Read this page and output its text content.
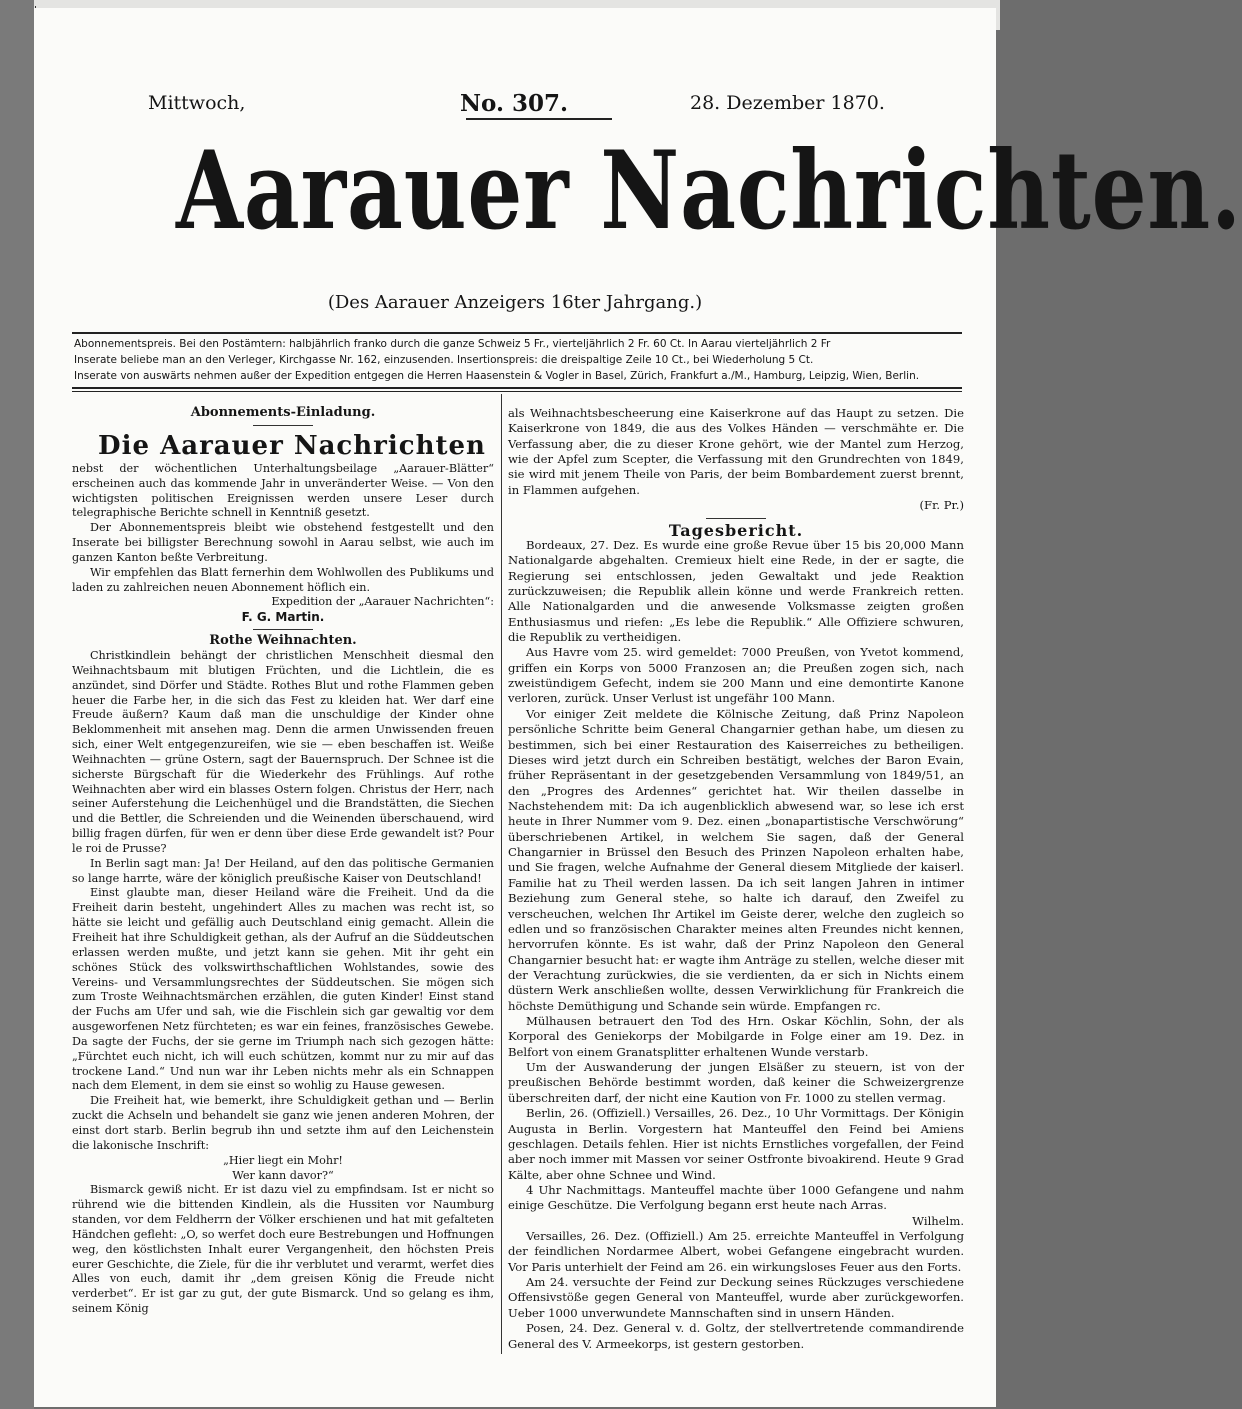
Mittwoch,	No. 307.	28. Dezember 1870.
Aarauer Nachrichten.
(Des Aarauer Anzeigers 16ter Jahrgang.)

Abonnementspreis. Bei den Postämtern: halbjährlich franko durch die ganze Schweiz 5 Fr., vierteljährlich 2 Fr. 60 Ct. In Aarau vierteljährlich 2 Fr

Inserate beliebe man an den Verleger, Kirchgasse Nr. 162, einzusenden. Insertionspreis: die dreispaltige Zeile 10 Ct., bei Wiederholung 5 Ct.

Inserate von auswärts nehmen außer der Expedition entgegen die Herren Haasenstein & Vogler in Basel, Zürich, Frankfurt a./M., Hamburg, Leipzig, Wien, Berlin.

Abonnements-Einladung.

Die Aarauer Nachrichten

nebst der wöchentlichen Unterhaltungsbeilage „Aarauer-Blätter“ erscheinen auch das kommende Jahr in unveränderter Weise. — Von den wichtigsten politischen Ereignissen werden unsere Leser durch telegraphische Berichte schnell in Kenntniß gesetzt.

Der Abonnementspreis bleibt wie obstehend festgestellt und den Inserate bei billigster Berechnung sowohl in Aarau selbst, wie auch im ganzen Kanton beßte Verbreitung.

Wir empfehlen das Blatt fernerhin dem Wohlwollen des Publikums und laden zu zahlreichen neuen Abonnement höflich ein.

Expedition der „Aarauer Nachrichten“:

F. G. Martin.

Rothe Weihnachten.

Christkindlein behängt der christlichen Menschheit diesmal den Weihnachtsbaum mit blutigen Früchten, und die Lichtlein, die es anzündet, sind Dörfer und Städte. Rothes Blut und rothe Flammen geben heuer die Farbe her, in die sich das Fest zu kleiden hat. Wer darf eine Freude äußern? Kaum daß man die unschuldige der Kinder ohne Beklommenheit mit ansehen mag. Denn die armen Unwissenden freuen sich, einer Welt entgegenzureifen, wie sie — eben beschaffen ist. Weiße Weihnachten — grüne Ostern, sagt der Bauernspruch. Der Schnee ist die sicherste Bürgschaft für die Wiederkehr des Frühlings. Auf rothe Weihnachten aber wird ein blasses Ostern folgen. Christus der Herr, nach seiner Auferstehung die Leichenhügel und die Brandstätten, die Siechen und die Bettler, die Schreienden und die Weinenden überschauend, wird billig fragen dürfen, für wen er denn über diese Erde gewandelt ist? Pour le roi de Prusse?

In Berlin sagt man: Ja! Der Heiland, auf den das politische Germanien so lange harrte, wäre der königlich preußische Kaiser von Deutschland!

Einst glaubte man, dieser Heiland wäre die Freiheit. Und da die Freiheit darin besteht, ungehindert Alles zu machen was recht ist, so hätte sie leicht und gefällig auch Deutschland einig gemacht. Allein die Freiheit hat ihre Schuldigkeit gethan, als der Aufruf an die Süddeutschen erlassen werden mußte, und jetzt kann sie gehen. Mit ihr geht ein schönes Stück des volkswirthschaftlichen Wohlstandes, sowie des Vereins- und Versammlungsrechtes der Süddeutschen. Sie mögen sich zum Troste Weihnachtsmärchen erzählen, die guten Kinder! Einst stand der Fuchs am Ufer und sah, wie die Fischlein sich gar gewaltig vor dem ausgeworfenen Netz fürchteten; es war ein feines, französisches Gewebe. Da sagte der Fuchs, der sie gerne im Triumph nach sich gezogen hätte: „Fürchtet euch nicht, ich will euch schützen, kommt nur zu mir auf das trockene Land.“ Und nun war ihr Leben nichts mehr als ein Schnappen nach dem Element, in dem sie einst so wohlig zu Hause gewesen.

Die Freiheit hat, wie bemerkt, ihre Schuldigkeit gethan und — Berlin zuckt die Achseln und behandelt sie ganz wie jenen anderen Mohren, der einst dort starb. Berlin begrub ihn und setzte ihm auf den Leichenstein die lakonische Inschrift:

„Hier liegt ein Mohr!

Wer kann davor?“

Bismarck gewiß nicht. Er ist dazu viel zu empfindsam. Ist er nicht so rührend wie die bittenden Kindlein, als die Hussiten vor Naumburg standen, vor dem Feldherrn der Völker erschienen und hat mit gefalteten Händchen gefleht: „O, so werfet doch eure Bestrebungen und Hoffnungen weg, den köstlichsten Inhalt eurer Vergangenheit, den höchsten Preis eurer Geschichte, die Ziele, für die ihr verblutet und verarmt, werfet dies Alles von euch, damit ihr „dem greisen König die Freude nicht verderbet“. Er ist gar zu gut, der gute Bismarck. Und so gelang es ihm, seinem König

als Weihnachtsbescheerung eine Kaiserkrone auf das Haupt zu setzen. Die Kaiserkrone von 1849, die aus des Volkes Händen — verschmähte er. Die Verfassung aber, die zu dieser Krone gehört, wie der Mantel zum Herzog, wie der Apfel zum Scepter, die Verfassung mit den Grundrechten von 1849, sie wird mit jenem Theile von Paris, der beim Bombardement zuerst brennt, in Flammen aufgehen.

(Fr. Pr.)

Tagesbericht.

Bordeaux, 27. Dez. Es wurde eine große Revue über 15 bis 20,000 Mann Nationalgarde abgehalten. Cremieux hielt eine Rede, in der er sagte, die Regierung sei entschlossen, jeden Gewaltakt und jede Reaktion zurückzuweisen; die Republik allein könne und werde Frankreich retten. Alle Nationalgarden und die anwesende Volksmasse zeigten großen Enthusiasmus und riefen: „Es lebe die Republik.“ Alle Offiziere schwuren, die Republik zu vertheidigen.

Aus Havre vom 25. wird gemeldet: 7000 Preußen, von Yvetot kommend, griffen ein Korps von 5000 Franzosen an; die Preußen zogen sich, nach zweistündigem Gefecht, indem sie 200 Mann und eine demontirte Kanone verloren, zurück. Unser Verlust ist ungefähr 100 Mann.

Vor einiger Zeit meldete die Kölnische Zeitung, daß Prinz Napoleon persönliche Schritte beim General Changarnier gethan habe, um diesen zu bestimmen, sich bei einer Restauration des Kaiserreiches zu betheiligen. Dieses wird jetzt durch ein Schreiben bestätigt, welches der Baron Evain, früher Repräsentant in der gesetzgebenden Versammlung von 1849/51, an den „Progres des Ardennes“ gerichtet hat. Wir theilen dasselbe in Nachstehendem mit: Da ich augenblicklich abwesend war, so lese ich erst heute in Ihrer Nummer vom 9. Dez. einen „bonapartistische Verschwörung“ überschriebenen Artikel, in welchem Sie sagen, daß der General Changarnier in Brüssel den Besuch des Prinzen Napoleon erhalten habe, und Sie fragen, welche Aufnahme der General diesem Mitgliede der kaiserl. Familie hat zu Theil werden lassen. Da ich seit langen Jahren in intimer Beziehung zum General stehe, so halte ich darauf, den Zweifel zu verscheuchen, welchen Ihr Artikel im Geiste derer, welche den zugleich so edlen und so französischen Charakter meines alten Freundes nicht kennen, hervorrufen könnte. Es ist wahr, daß der Prinz Napoleon den General Changarnier besucht hat: er wagte ihm Anträge zu stellen, welche dieser mit der Verachtung zurückwies, die sie verdienten, da er sich in Nichts einem düstern Werk anschließen wollte, dessen Verwirklichung für Frankreich die höchste Demüthigung und Schande sein würde. Empfangen rc.

Mülhausen betrauert den Tod des Hrn. Oskar Köchlin, Sohn, der als Korporal des Geniekorps der Mobilgarde in Folge einer am 19. Dez. in Belfort von einem Granatsplitter erhaltenen Wunde verstarb.

Um der Auswanderung der jungen Elsäßer zu steuern, ist von der preußischen Behörde bestimmt worden, daß keiner die Schweizergrenze überschreiten darf, der nicht eine Kaution von Fr. 1000 zu stellen vermag.

Berlin, 26. (Offiziell.) Versailles, 26. Dez., 10 Uhr Vormittags. Der Königin Augusta in Berlin. Vorgestern hat Manteuffel den Feind bei Amiens geschlagen. Details fehlen. Hier ist nichts Ernstliches vorgefallen, der Feind aber noch immer mit Massen vor seiner Ostfronte bivoakirend. Heute 9 Grad Kälte, aber ohne Schnee und Wind.

4 Uhr Nachmittags. Manteuffel machte über 1000 Gefangene und nahm einige Geschütze. Die Verfolgung begann erst heute nach Arras.

Wilhelm.

Versailles, 26. Dez. (Offiziell.) Am 25. erreichte Manteuffel in Verfolgung der feindlichen Nordarmee Albert, wobei Gefangene eingebracht wurden. Vor Paris unterhielt der Feind am 26. ein wirkungsloses Feuer aus den Forts.

Am 24. versuchte der Feind zur Deckung seines Rückzuges verschiedene Offensivstöße gegen General von Manteuffel, wurde aber zurückgeworfen. Ueber 1000 unverwundete Mannschaften sind in unsern Händen.

Posen, 24. Dez. General v. d. Goltz, der stellvertretende commandirende General des V. Armeekorps, ist gestern gestorben.
